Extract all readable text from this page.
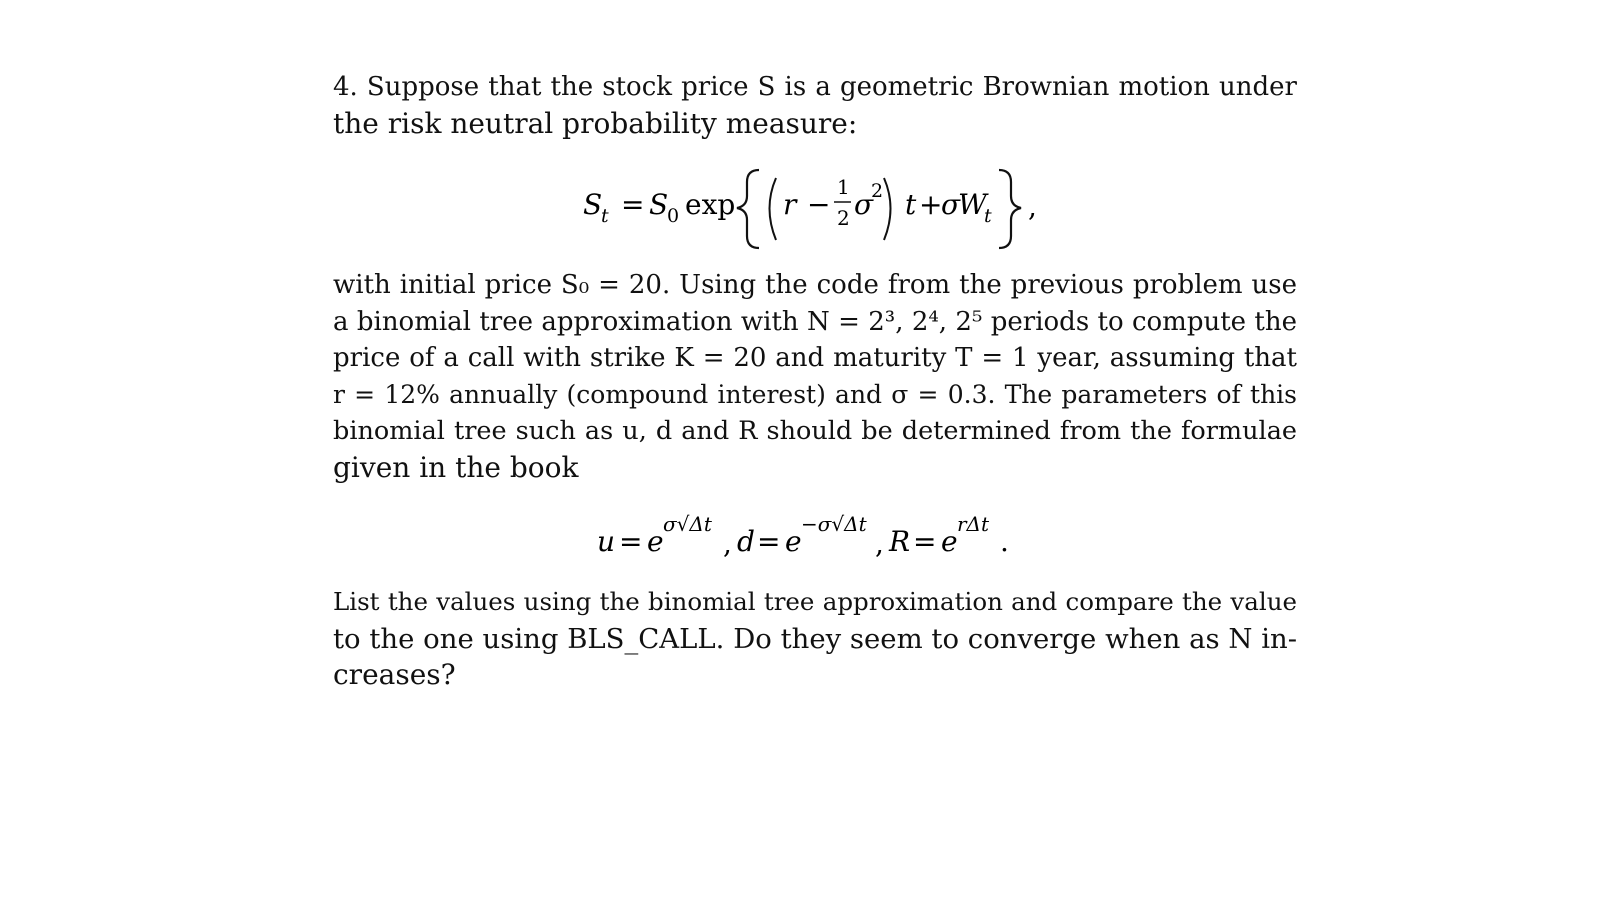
4. Suppose that the stock price S is a geometric Brownian motion under
the risk neutral probability measure:
S
t = S
0 exp r −
1
2 σ
2 t +
σ
W
t ,
with initial price S₀ = 20. Using the code from the previous problem use
a binomial tree approximation with N = 2³, 2⁴, 2⁵ periods to compute the
price of a call with strike K = 20 and maturity T = 1 year, assuming that
r = 12% annually (compound interest) and σ = 0.3. The parameters of this
binomial tree such as u, d and R should be determined from the formulae
given in the book
u = e
σ√Δt
, d = e
−σ√Δt
, R = e
rΔt
.
List the values using the binomial tree approximation and compare the value
to the one using BLS_CALL. Do they seem to converge when as N in-
creases?
